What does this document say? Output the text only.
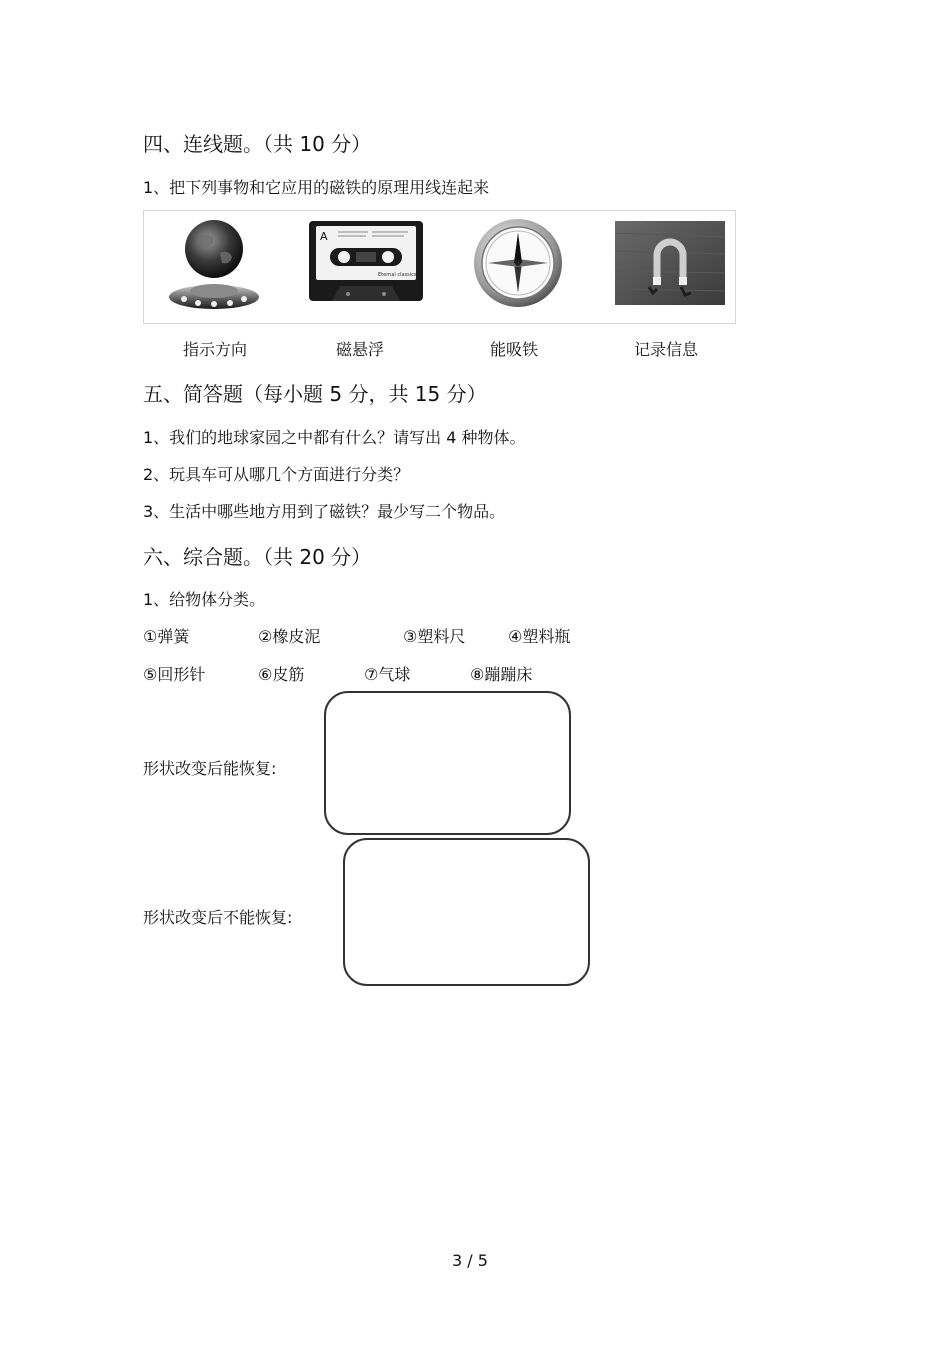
四、连线题。（共 10 分）
1、把下列事物和它应用的磁铁的原理用线连起来
A
Eternal classics
指示方向	磁悬浮	能吸铁	记录信息
五、简答题（每小题 5 分，共 15 分）
1、我们的地球家园之中都有什么？请写出 4 种物体。
2、玩具车可从哪几个方面进行分类？
3、生活中哪些地方用到了磁铁？最少写二个物品。
六、综合题。（共 20 分）
1、给物体分类。
①弹簧	②橡皮泥	③塑料尺	④塑料瓶
⑤回形针	⑥皮筋	⑦气球	⑧蹦蹦床
形状改变后能恢复:
形状改变后不能恢复:
3 / 5
